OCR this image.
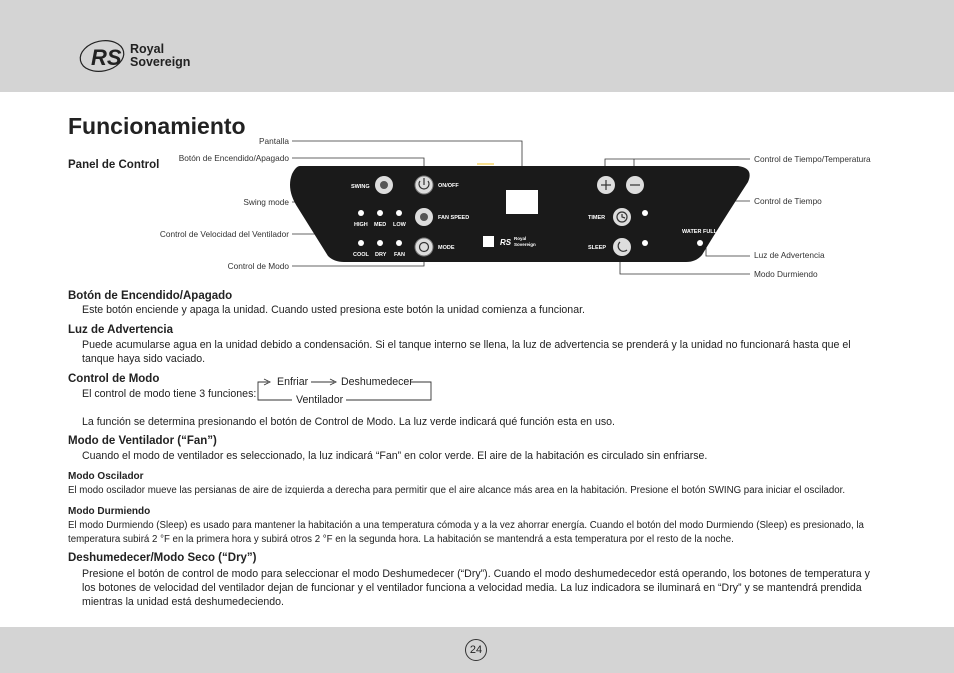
RS Royal
Sovereign
Funcionamiento
Panel de Control
SWING	ON/OFF
HIGH MED LOW
FAN SPEED
COOL DRY FAN
MODE
TIMER
SLEEP
WATER FULL
Royal
Sovereign
RS
Pantalla
Botón de Encendido/Apagado
Swing mode
Control de Velocidad del Ventilador
Control de Modo
Control de Tiempo/Temperatura
Control de Tiempo
Luz de Advertencia
Modo Durmiendo
Botón de Encendido/Apagado

Este botón enciende y apaga la unidad. Cuando usted presiona este botón la unidad comienza a funcionar.

Luz de Advertencia

Puede acumularse agua en la unidad debido a condensación. Si el tanque interno se llena, la luz de advertencia se prenderá y la unidad no funcionará hasta que el tanque haya sido vaciado.

Control de Modo

El control de modo tiene 3 funciones:

Enfriar	Deshumedecer
Ventilador

La función se determina presionando el botón de Control de Modo. La luz verde indicará qué función esta en uso.

Modo de Ventilador (“Fan”)

Cuando el modo de ventilador es seleccionado, la luz indicará “Fan” en color verde. El aire de la habitación es circulado sin enfriarse.

Modo Oscilador

El modo oscilador mueve las persianas de aire de izquierda a derecha para permitir que el aire alcance más area en la habitación. Presione el botón SWING para iniciar el oscilador.

Modo Durmiendo

El modo Durmiendo (Sleep) es usado para mantener la habitación a una temperatura cómoda y a la vez ahorrar energía. Cuando el botón del modo Durmiendo (Sleep) es presionado, la temperatura subirá 2 °F en la primera hora y subirá otros 2 °F en la segunda hora. La habitación se mantendrá a esta temperatura por el resto de la noche.

Deshumedecer/Modo Seco (“Dry”)

Presione el botón de control de modo para seleccionar el modo Deshumedecer (“Dry”). Cuando el modo deshumedecedor está operando, los botones de temperatura y los botones de velocidad del ventilador dejan de funcionar y el ventilador funciona a velocidad media. La luz indicadora se iluminará en “Dry” y se mantendrá prendida mientras la unidad está deshumedeciendo.

24
